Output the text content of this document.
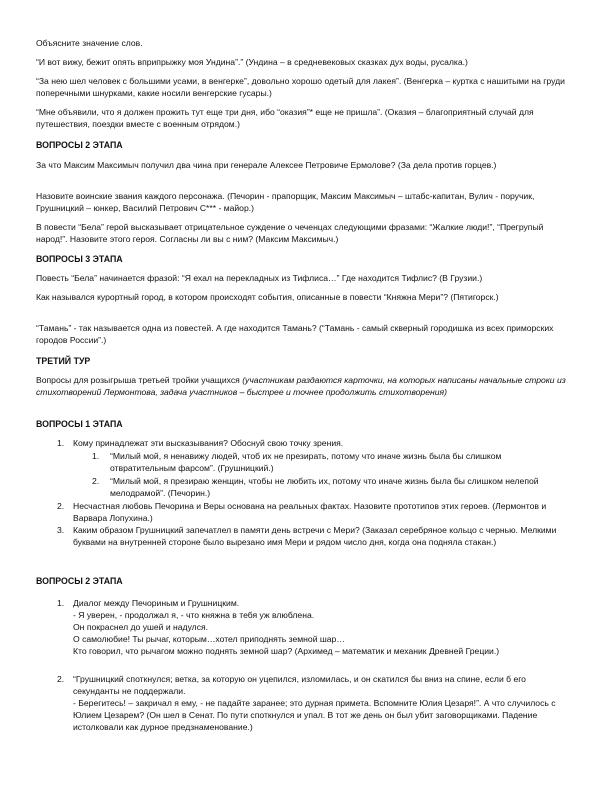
Объясните значение слов.

“И вот вижу, бежит опять вприпрыжку моя Ундина”.” (Ундина – в средневековых сказках дух воды, русалка.)

“За нею шел человек с большими усами, в венгерке”, довольно хорошо одетый для лакея”. (Венгерка – куртка с нашитыми на груди поперечными шнурками, какие носили венгерские гусары.)

“Мне объявили, что я должен прожить тут еще три дня, ибо “оказия”* еще не пришла”. (Оказия – благоприятный случай для путешествия, поездки вместе с военным отрядом.)

ВОПРОСЫ 2 ЭТАПА

За что Максим Максимыч получил два чина при генерале Алексее Петровиче Ермолове? (За дела против горцев.)

Назовите воинские звания каждого персонажа. (Печорин - прапорщик, Максим Максимыч – штабс-капитан, Вулич - поручик, Грушницкий – юнкер, Василий Петрович С*** - майор.)

В повести “Бела” герой высказывает отрицательное суждение о чеченцах следующими фразами: “Жалкие люди!”, “Прегрупый народ!”. Назовите этого героя. Согласны ли вы с ним? (Максим Максимыч.)

ВОПРОСЫ 3 ЭТАПА

Повесть “Бела” начинается фразой: “Я ехал на перекладных из Тифлиса…” Где находится Тифлис? (В Грузии.)

Как назывался курортный город, в котором происходят события, описанные в повести “Княжна Мери”? (Пятигорск.)

“Тамань” - так называется одна из повестей. А где находится Тамань? (“Тамань - самый скверный городишка из всех приморских городов России”.)

ТРЕТИЙ ТУР

Вопросы для розыгрыша третьей тройки учащихся (участникам раздаются карточки, на которых написаны начальные строки из стихотворений Лермонтова, задача участников – быстрее и точнее продолжить стихотворения)

ВОПРОСЫ 1 ЭТАПА

1. Кому принадлежат эти высказывания? Обоснуй свою точку зрения.

1. “Милый мой, я ненавижу людей, чтоб их не презирать, потому что иначе жизнь была бы слишком отвратительным фарсом”. (Грушницкий.)

2. “Милый мой, я презираю женщин, чтобы не любить их, потому что иначе жизнь была бы слишком нелепой мелодрамой”. (Печорин.)

2. Несчастная любовь Печорина и Веры основана на реальных фактах. Назовите прототипов этих героев. (Лермонтов и Варвара Лопухина.)

3. Каким образом Грушницкий запечатлел в памяти день встречи с Мери? (Заказал серебряное кольцо с чернью. Мелкими буквами на внутренней стороне было вырезано имя Мери и рядом число дня, когда она подняла стакан.)

ВОПРОСЫ 2 ЭТАПА

1. Диалог между Печориным и Грушницким.

- Я уверен, - продолжал я, - что княжна в тебя уж влюблена.

Он покраснел до ушей и надулся.

О самолюбие! Ты рычаг, которым…хотел приподнять земной шар…

Кто говорил, что рычагом можно поднять земной шар? (Архимед – математик и механик Древней Греции.)

2. “Грушницкий споткнулся; ветка, за которую он уцепился, изломилась, и он скатился бы вниз на спине, если б его секунданты не поддержали.

- Берегитесь! – закричал я ему, - не падайте заранее; это дурная примета. Вспомните Юлия Цезаря!”. А что случилось с Юлием Цезарем? (Он шел в Сенат. По пути споткнулся и упал. В тот же день он был убит заговорщиками. Падение истолковали как дурное предзнаменование.)
